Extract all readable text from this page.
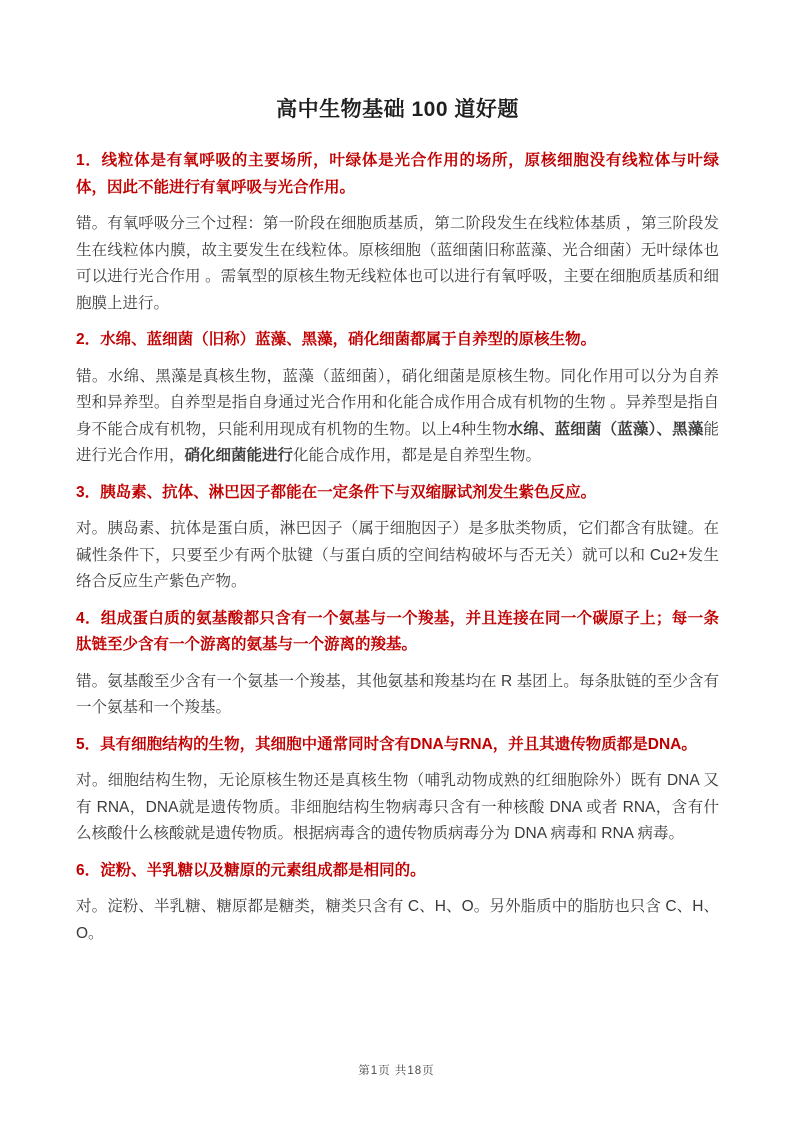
高中生物基础 100 道好题

1．线粒体是有氧呼吸的主要场所，叶绿体是光合作用的场所，原核细胞没有线粒体与叶绿体，因此不能进行有氧呼吸与光合作用。

错。有氧呼吸分三个过程：第一阶段在细胞质基质，第二阶段发生在线粒体基质 ，第三阶段发生在线粒体内膜，故主要发生在线粒体。原核细胞（蓝细菌旧称蓝藻、光合细菌）无叶绿体也可以进行光合作用 。需氧型的原核生物无线粒体也可以进行有氧呼吸，主要在细胞质基质和细胞膜上进行。

2．水绵、蓝细菌（旧称）蓝藻、黑藻，硝化细菌都属于自养型的原核生物。

错。水绵、黑藻是真核生物，蓝藻（蓝细菌），硝化细菌是原核生物。同化作用可以分为自养型和异养型。自养型是指自身通过光合作用和化能合成作用合成有机物的生物 。异养型是指自身不能合成有机物，只能利用现成有机物的生物。以上4种生物水绵、蓝细菌（蓝藻）、黑藻能进行光合作用，硝化细菌能进行化能合成作用，都是是自养型生物。

3．胰岛素、抗体、淋巴因子都能在一定条件下与双缩脲试剂发生紫色反应。

对。胰岛素、抗体是蛋白质，淋巴因子（属于细胞因子）是多肽类物质，它们都含有肽键。在碱性条件下，只要至少有两个肽键（与蛋白质的空间结构破坏与否无关）就可以和 Cu2+发生络合反应生产紫色产物。

4．组成蛋白质的氨基酸都只含有一个氨基与一个羧基，并且连接在同一个碳原子上；每一条肽链至少含有一个游离的氨基与一个游离的羧基。

错。氨基酸至少含有一个氨基一个羧基，其他氨基和羧基均在 R 基团上。每条肽链的至少含有一个氨基和一个羧基。

5．具有细胞结构的生物，其细胞中通常同时含有DNA与RNA，并且其遗传物质都是DNA。

对。细胞结构生物，无论原核生物还是真核生物（哺乳动物成熟的红细胞除外）既有 DNA 又有 RNA，DNA就是遗传物质。非细胞结构生物病毒只含有一种核酸 DNA 或者 RNA，含有什么核酸什么核酸就是遗传物质。根据病毒含的遗传物质病毒分为 DNA 病毒和 RNA 病毒。

6．淀粉、半乳糖以及糖原的元素组成都是相同的。

对。淀粉、半乳糖、糖原都是糖类，糖类只含有 C、H、O。另外脂质中的脂肪也只含 C、H、O。

第1页 共18页
